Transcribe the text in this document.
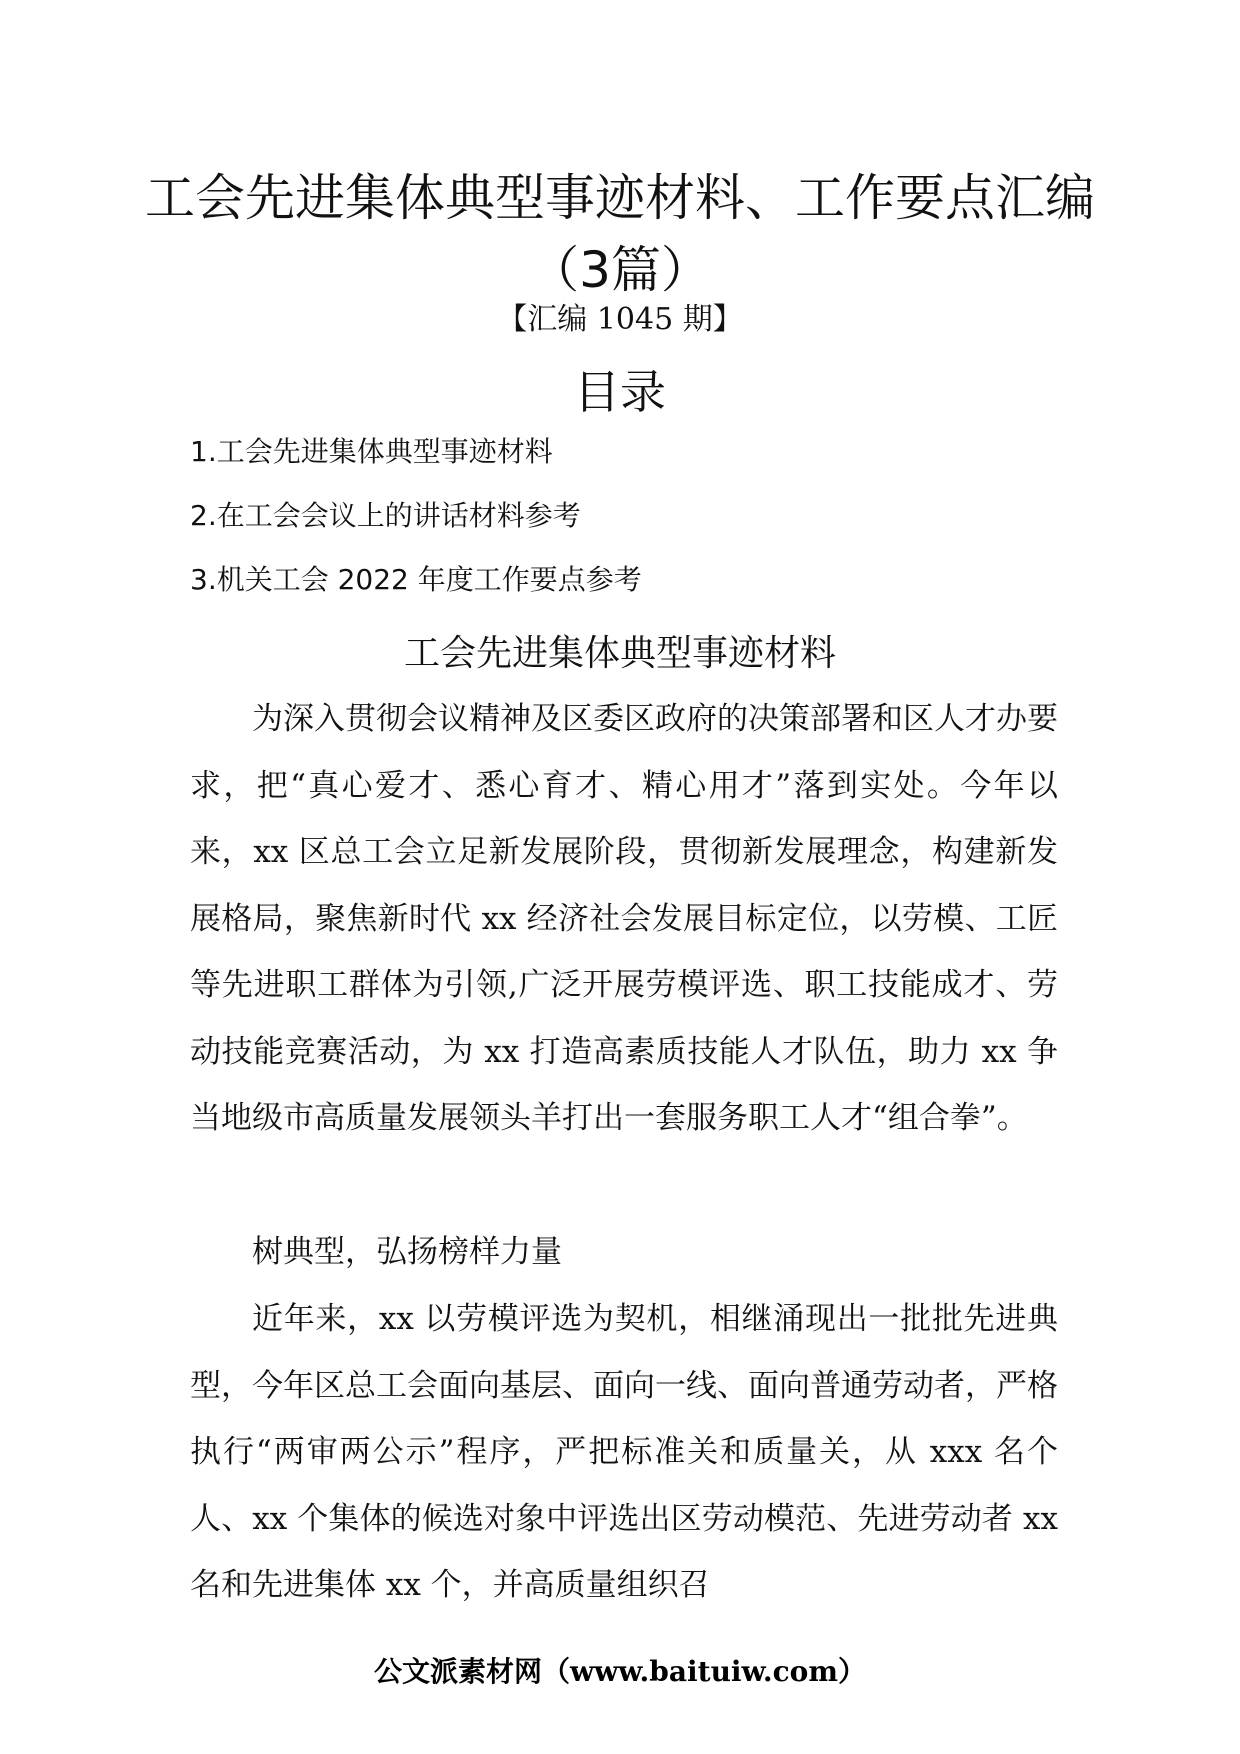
工会先进集体典型事迹材料、工作要点汇编（3篇）
【汇编 1045 期】
目录
1.工会先进集体典型事迹材料
2.在工会会议上的讲话材料参考
3.机关工会 2022 年度工作要点参考
工会先进集体典型事迹材料

为深入贯彻会议精神及区委区政府的决策部署和区人才办要求，把“真心爱才、悉心育才、精心用才”落到实处。今年以来，xx 区总工会立足新发展阶段，贯彻新发展理念，构建新发展格局，聚焦新时代 xx 经济社会发展目标定位，以劳模、工匠等先进职工群体为引领,广泛开展劳模评选、职工技能成才、劳动技能竞赛活动，为 xx 打造高素质技能人才队伍，助力 xx 争当地级市高质量发展领头羊打出一套服务职工人才“组合拳”。

树典型，弘扬榜样力量

近年来，xx 以劳模评选为契机，相继涌现出一批批先进典型，今年区总工会面向基层、面向一线、面向普通劳动者，严格执行“两审两公示”程序，严把标准关和质量关，从 xxx 名个人、xx 个集体的候选对象中评选出区劳动模范、先进劳动者 xx 名和先进集体 xx 个，并高质量组织召

公文派素材网（www.baituiw.com）
